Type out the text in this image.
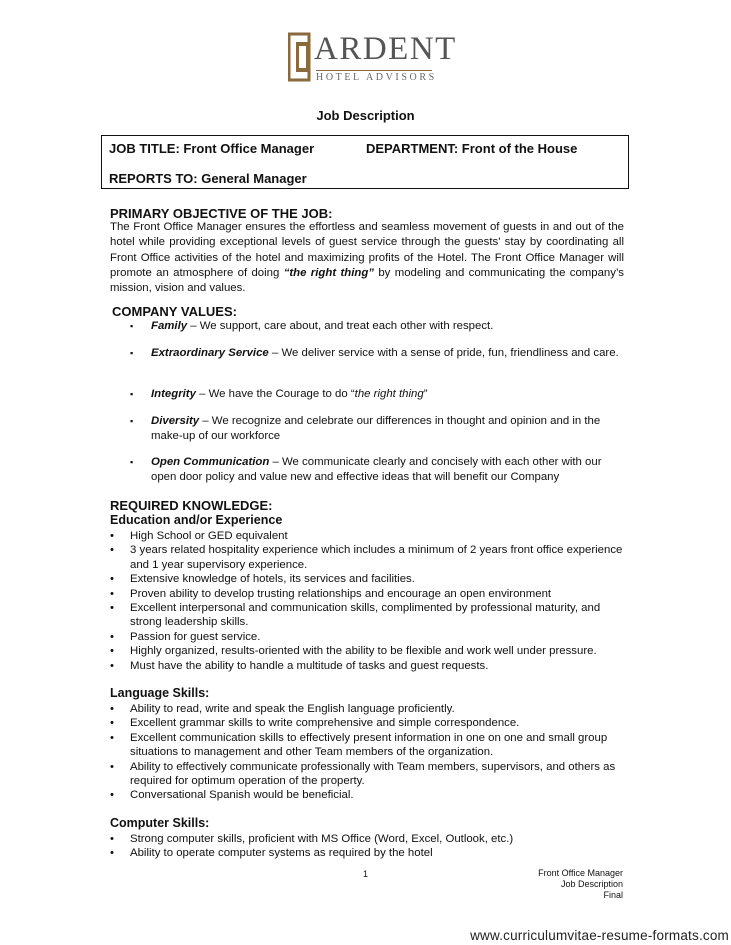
ARDENT
HOTEL ADVISORS
Job Description
JOB TITLE: Front Office Manager	DEPARTMENT: Front of the House
REPORTS TO: General Manager
PRIMARY OBJECTIVE OF THE JOB:
The Front Office Manager ensures the effortless and seamless movement of guests in and out of the hotel while providing exceptional levels of guest service through the guests' stay by coordinating all Front Office activities of the hotel and maximizing profits of the Hotel. The Front Office Manager will promote an atmosphere of doing “the right thing” by modeling and communicating the company’s mission, vision and values.
COMPANY VALUES:
▪ Family – We support, care about, and treat each other with respect.
▪ Extraordinary Service – We deliver service with a sense of pride, fun, friendliness and care.
▪ Integrity – We have the Courage to do “the right thing”
▪ Diversity – We recognize and celebrate our differences in thought and opinion and in the make-up of our workforce
▪ Open Communication – We communicate clearly and concisely with each other with our open door policy and value new and effective ideas that will benefit our Company
REQUIRED KNOWLEDGE:
Education and/or Experience
• High School or GED equivalent
• 3 years related hospitality experience which includes a minimum of 2 years front office experience and 1 year supervisory experience.
• Extensive knowledge of hotels, its services and facilities.
• Proven ability to develop trusting relationships and encourage an open environment
• Excellent interpersonal and communication skills, complimented by professional maturity, and strong leadership skills.
• Passion for guest service.
• Highly organized, results-oriented with the ability to be flexible and work well under pressure.
• Must have the ability to handle a multitude of tasks and guest requests.
Language Skills:
• Ability to read, write and speak the English language proficiently.
• Excellent grammar skills to write comprehensive and simple correspondence.
• Excellent communication skills to effectively present information in one on one and small group situations to management and other Team members of the organization.
• Ability to effectively communicate professionally with Team members, supervisors, and others as required for optimum operation of the property.
• Conversational Spanish would be beneficial.
Computer Skills:
• Strong computer skills, proficient with MS Office (Word, Excel, Outlook, etc.)
• Ability to operate computer systems as required by the hotel
1	Front Office Manager
Job Description
Final
www.curriculumvitae-resume-formats.com
